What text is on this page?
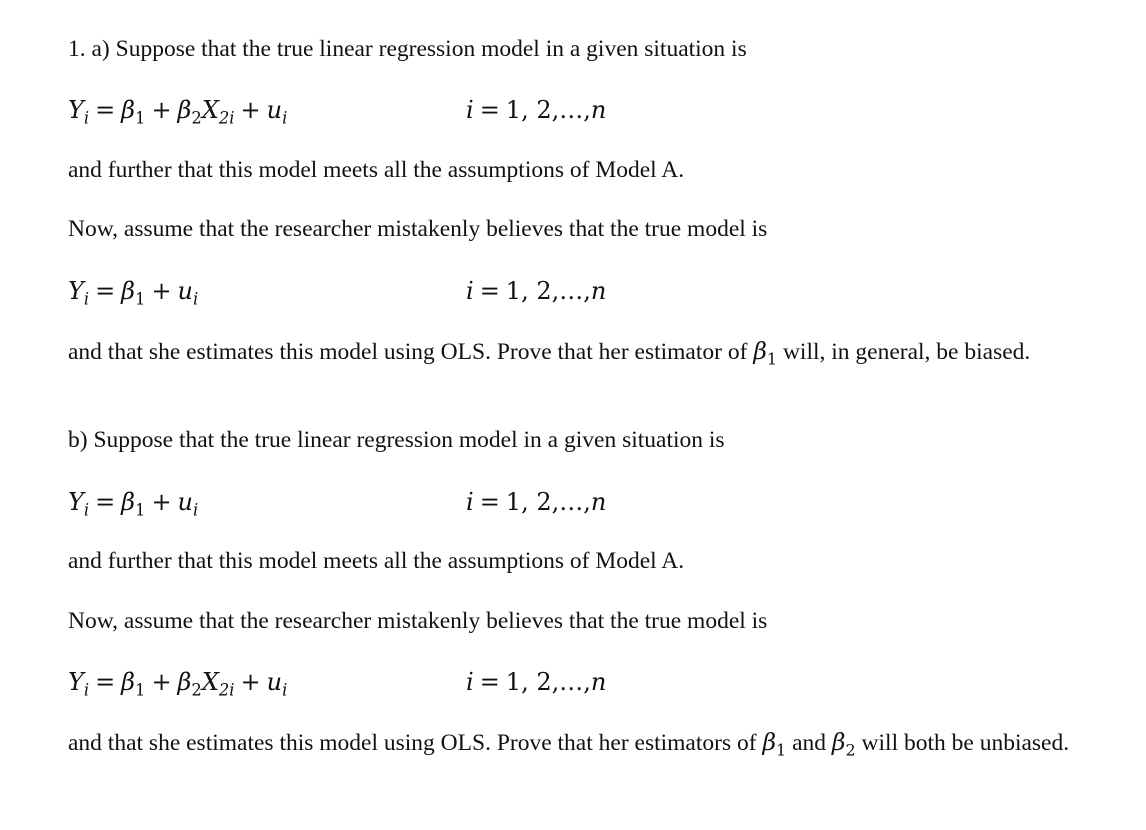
1. a) Suppose that the true linear regression model in a given situation is
$Y_i = \beta_1 + \beta_2X_{2i} + u_i$	i = 1, 2,…,n
and further that this model meets all the assumptions of Model A.
Now, assume that the researcher mistakenly believes that the true model is
$Y_i = \beta_1 + u_i$	i = 1, 2,…,n
and that she estimates this model using OLS. Prove that her estimator of $\beta_1$ will, in general, be biased.
b) Suppose that the true linear regression model in a given situation is
$Y_i = \beta_1 + u_i$	i = 1, 2,…,n
and further that this model meets all the assumptions of Model A.
Now, assume that the researcher mistakenly believes that the true model is
$Y_i = \beta_1 + \beta_2X_{2i} + u_i$	i = 1, 2,…,n
and that she estimates this model using OLS. Prove that her estimators of $\beta_1$ and $\beta_2$ will both be unbiased.
